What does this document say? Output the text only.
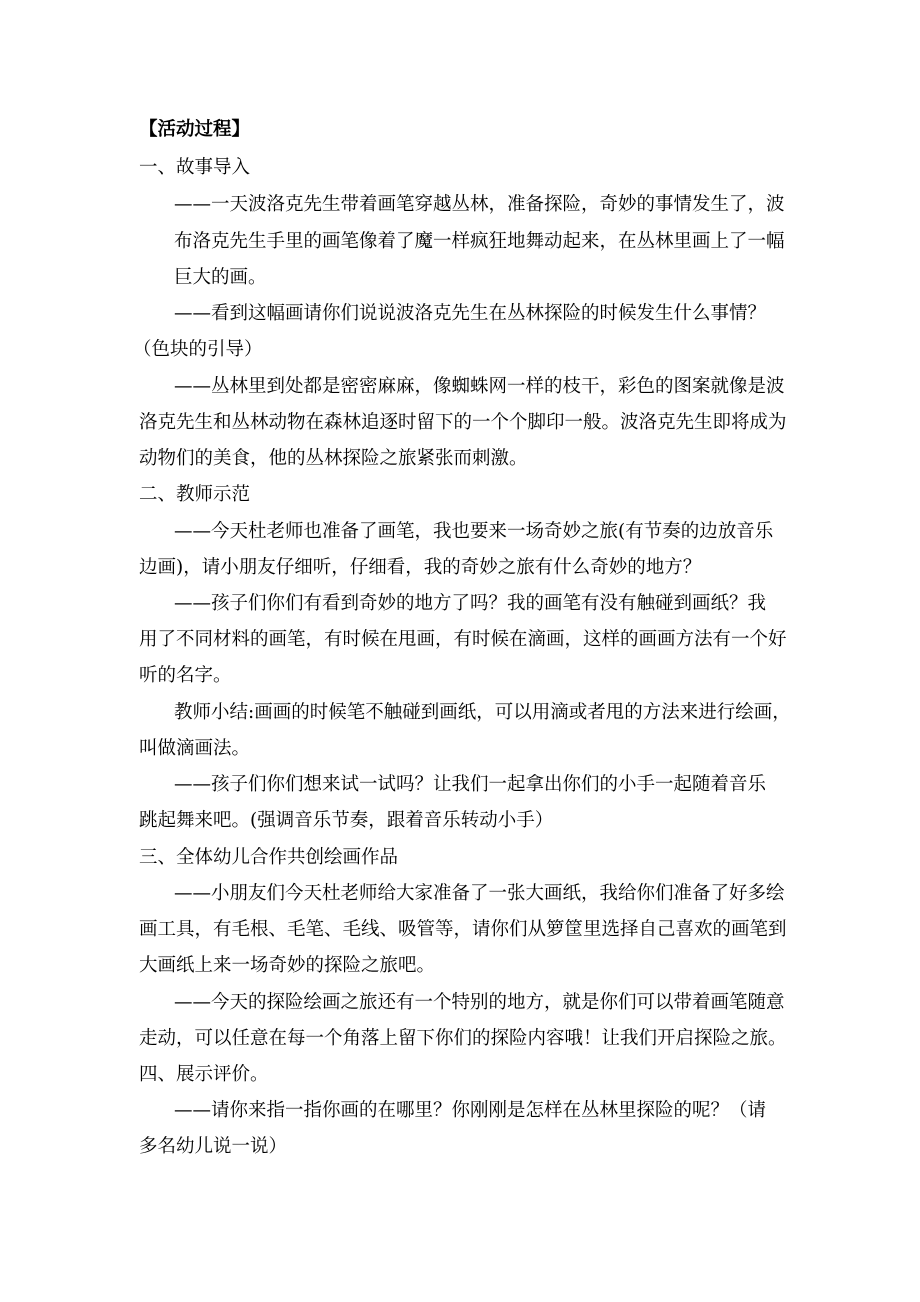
【活动过程】
一、故事导入
——一天波洛克先生带着画笔穿越丛林，准备探险，奇妙的事情发生了，波
布洛克先生手里的画笔像着了魔一样疯狂地舞动起来，在丛林里画上了一幅
巨大的画。
——看到这幅画请你们说说波洛克先生在丛林探险的时候发生什么事情？
（色块的引导）
——丛林里到处都是密密麻麻，像蜘蛛网一样的枝干，彩色的图案就像是波
洛克先生和丛林动物在森林追逐时留下的一个个脚印一般。波洛克先生即将成为
动物们的美食，他的丛林探险之旅紧张而刺激。
二、教师示范
——今天杜老师也准备了画笔，我也要来一场奇妙之旅(有节奏的边放音乐
边画)，请小朋友仔细听，仔细看，我的奇妙之旅有什么奇妙的地方？
——孩子们你们有看到奇妙的地方了吗？我的画笔有没有触碰到画纸？我
用了不同材料的画笔，有时候在甩画，有时候在滴画，这样的画画方法有一个好
听的名字。
教师小结:画画的时候笔不触碰到画纸，可以用滴或者甩的方法来进行绘画，
叫做滴画法。
——孩子们你们想来试一试吗？让我们一起拿出你们的小手一起随着音乐
跳起舞来吧。(强调音乐节奏，跟着音乐转动小手）
三、全体幼儿合作共创绘画作品
——小朋友们今天杜老师给大家准备了一张大画纸，我给你们准备了好多绘
画工具，有毛根、毛笔、毛线、吸管等，请你们从箩筐里选择自己喜欢的画笔到
大画纸上来一场奇妙的探险之旅吧。
——今天的探险绘画之旅还有一个特别的地方，就是你们可以带着画笔随意
走动，可以任意在每一个角落上留下你们的探险内容哦！让我们开启探险之旅。
四、展示评价。
——请你来指一指你画的在哪里？你刚刚是怎样在丛林里探险的呢？（请
多名幼儿说一说）
